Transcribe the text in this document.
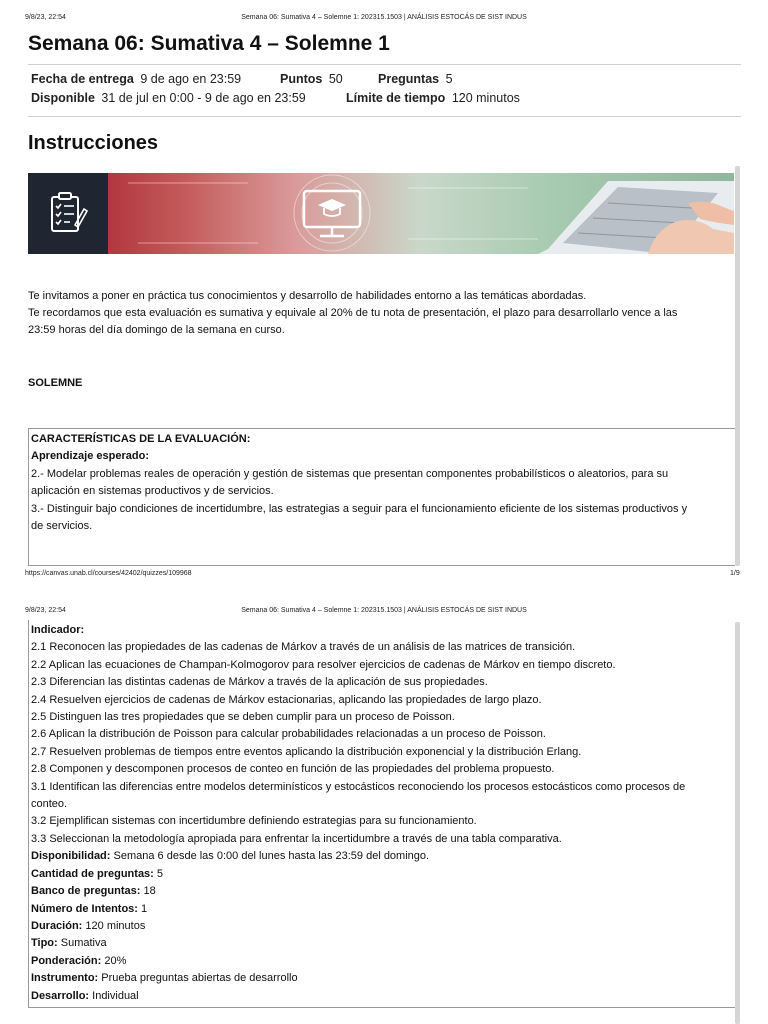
9/8/23, 22:54	Semana 06: Sumativa 4 – Solemne 1: 202315.1503 | ANÁLISIS ESTOCÁS DE SIST INDUS
Semana 06: Sumativa 4 – Solemne 1
Fecha de entrega 9 de ago en 23:59	Puntos 50	Preguntas 5
Disponible 31 de jul en 0:00 - 9 de ago en 23:59	Límite de tiempo 120 minutos
Instrucciones
Te invitamos a poner en práctica tus conocimientos y desarrollo de habilidades entorno a las temáticas abordadas.
Te recordamos que esta evaluación es sumativa y equivale al 20% de tu nota de presentación, el plazo para desarrollarlo vence a las
23:59 horas del día domingo de la semana en curso.
SOLEMNE
CARACTERÍSTICAS DE LA EVALUACIÓN:
Aprendizaje esperado:
2.- Modelar problemas reales de operación y gestión de sistemas que presentan componentes probabilísticos o aleatorios, para su
aplicación en sistemas productivos y de servicios.
3.- Distinguir bajo condiciones de incertidumbre, las estrategias a seguir para el funcionamiento eficiente de los sistemas productivos y
de servicios.
https://canvas.unab.cl/courses/42402/quizzes/109968	1/9
9/8/23, 22:54	Semana 06: Sumativa 4 – Solemne 1: 202315.1503 | ANÁLISIS ESTOCÁS DE SIST INDUS
Indicador:
2.1 Reconocen las propiedades de las cadenas de Márkov a través de un análisis de las matrices de transición.
2.2 Aplican las ecuaciones de Champan-Kolmogorov para resolver ejercicios de cadenas de Márkov en tiempo discreto.
2.3 Diferencian las distintas cadenas de Márkov a través de la aplicación de sus propiedades.
2.4 Resuelven ejercicios de cadenas de Márkov estacionarias, aplicando las propiedades de largo plazo.
2.5 Distinguen las tres propiedades que se deben cumplir para un proceso de Poisson.
2.6 Aplican la distribución de Poisson para calcular probabilidades relacionadas a un proceso de Poisson.
2.7 Resuelven problemas de tiempos entre eventos aplicando la distribución exponencial y la distribución Erlang.
2.8 Componen y descomponen procesos de conteo en función de las propiedades del problema propuesto.
3.1 Identifican las diferencias entre modelos determinísticos y estocásticos reconociendo los procesos estocásticos como procesos de
conteo.
3.2 Ejemplifican sistemas con incertidumbre definiendo estrategias para su funcionamiento.
3.3 Seleccionan la metodología apropiada para enfrentar la incertidumbre a través de una tabla comparativa.
Disponibilidad: Semana 6 desde las 0:00 del lunes hasta las 23:59 del domingo.
Cantidad de preguntas: 5
Banco de preguntas: 18
Número de Intentos: 1
Duración: 120 minutos
Tipo: Sumativa
Ponderación: 20%
Instrumento: Prueba preguntas abiertas de desarrollo
Desarrollo: Individual
